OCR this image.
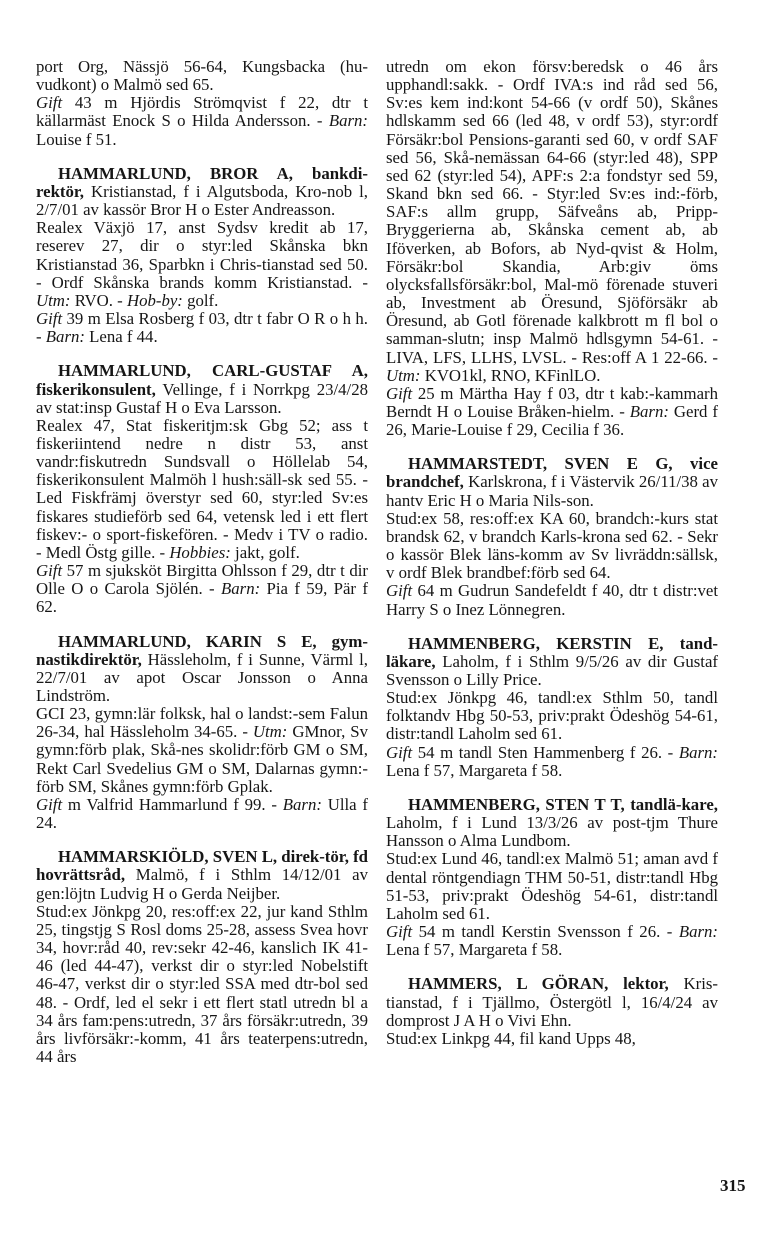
port Org, Nässjö 56-64, Kungsbacka (hu-vudkont) o Malmö sed 65.

Gift 43 m Hjördis Strömqvist f 22, dtr t källarmäst Enock S o Hilda Andersson. - Barn: Louise f 51.

HAMMARLUND, BROR A, bankdi-rektör, Kristianstad, f i Algutsboda, Kro-nob l, 2/7/01 av kassör Bror H o Ester Andreasson.

Realex Växjö 17, anst Sydsv kredit ab 17, reserev 27, dir o styr:led Skånska bkn Kristianstad 36, Sparbkn i Chris-tianstad sed 50. - Ordf Skånska brands komm Kristianstad. - Utm: RVO. - Hob-by: golf.

Gift 39 m Elsa Rosberg f 03, dtr t fabr O R o h h. - Barn: Lena f 44.

HAMMARLUND, CARL-GUSTAF A, fiskerikonsulent, Vellinge, f i Norrkpg 23/4/28 av stat:insp Gustaf H o Eva Larsson.

Realex 47, Stat fiskeritjm:sk Gbg 52; ass t fiskeriintend nedre n distr 53, anst vandr:fiskutredn Sundsvall o Höllelab 54, fiskerikonsulent Malmöh l hush:säll-sk sed 55. - Led Fiskfrämj överstyr sed 60, styr:led Sv:es fiskares studieförb sed 64, vetensk led i ett flert fiskev:- o sport-fiskefören. - Medv i TV o radio. - Medl Östg gille. - Hobbies: jakt, golf.

Gift 57 m sjuksköt Birgitta Ohlsson f 29, dtr t dir Olle O o Carola Sjölén. - Barn: Pia f 59, Pär f 62.

HAMMARLUND, KARIN S E, gym-nastikdirektör, Hässleholm, f i Sunne, Värml l, 22/7/01 av apot Oscar Jonsson o Anna Lindström.

GCI 23, gymn:lär folksk, hal o landst:-sem Falun 26-34, hal Hässleholm 34-65. - Utm: GMnor, Sv gymn:förb plak, Skå-nes skolidr:förb GM o SM, Rekt Carl Svedelius GM o SM, Dalarnas gymn:-förb SM, Skånes gymn:förb Gplak.

Gift m Valfrid Hammarlund f 99. - Barn: Ulla f 24.

HAMMARSKIÖLD, SVEN L, direk-tör, fd hovrättsråd, Malmö, f i Sthlm 14/12/01 av gen:löjtn Ludvig H o Gerda Neijber.

Stud:ex Jönkpg 20, res:off:ex 22, jur kand Sthlm 25, tingstjg S Rosl doms 25-28, assess Svea hovr 34, hovr:råd 40, rev:sekr 42-46, kanslich IK 41-46 (led 44-47), verkst dir o styr:led Nobelstift 46-47, verkst dir o styr:led SSA med dtr-bol sed 48. - Ordf, led el sekr i ett flert statl utredn bl a 34 års fam:pens:utredn, 37 års försäkr:utredn, 39 års livförsäkr:-komm, 41 års teaterpens:utredn, 44 års

utredn om ekon försv:beredsk o 46 års upphandl:sakk. - Ordf IVA:s ind råd sed 56, Sv:es kem ind:kont 54-66 (v ordf 50), Skånes hdlskamm sed 66 (led 48, v ordf 53), styr:ordf Försäkr:bol Pensions-garanti sed 60, v ordf SAF sed 56, Skå-nemässan 64-66 (styr:led 48), SPP sed 62 (styr:led 54), APF:s 2:a fondstyr sed 59, Skand bkn sed 66. - Styr:led Sv:es ind:-förb, SAF:s allm grupp, Säfveåns ab, Pripp-Bryggerierna ab, Skånska cement ab, ab Iföverken, ab Bofors, ab Nyd-qvist & Holm, Försäkr:bol Skandia, Arb:giv öms olycksfallsförsäkr:bol, Mal-mö förenade stuveri ab, Investment ab Öresund, Sjöförsäkr ab Öresund, ab Gotl förenade kalkbrott m fl bol o samman-slutn; insp Malmö hdlsgymn 54-61. - LIVA, LFS, LLHS, LVSL. - Res:off A 1 22-66. - Utm: KVO1kl, RNO, KFinlLO.

Gift 25 m Märtha Hay f 03, dtr t kab:-kammarh Berndt H o Louise Bråken-hielm. - Barn: Gerd f 26, Marie-Louise f 29, Cecilia f 36.

HAMMARSTEDT, SVEN E G, vice brandchef, Karlskrona, f i Västervik 26/11/38 av hantv Eric H o Maria Nils-son.

Stud:ex 58, res:off:ex KA 60, brandch:-kurs stat brandsk 62, v brandch Karls-krona sed 62. - Sekr o kassör Blek läns-komm av Sv livräddn:sällsk, v ordf Blek brandbef:förb sed 64.

Gift 64 m Gudrun Sandefeldt f 40, dtr t distr:vet Harry S o Inez Lönnegren.

HAMMENBERG, KERSTIN E, tand-läkare, Laholm, f i Sthlm 9/5/26 av dir Gustaf Svensson o Lilly Price.

Stud:ex Jönkpg 46, tandl:ex Sthlm 50, tandl folktandv Hbg 50-53, priv:prakt Ödeshög 54-61, distr:tandl Laholm sed 61.

Gift 54 m tandl Sten Hammenberg f 26. - Barn: Lena f 57, Margareta f 58.

HAMMENBERG, STEN T T, tandlä-kare, Laholm, f i Lund 13/3/26 av post-tjm Thure Hansson o Alma Lundbom.

Stud:ex Lund 46, tandl:ex Malmö 51; aman avd f dental röntgendiagn THM 50-51, distr:tandl Hbg 51-53, priv:prakt Ödeshög 54-61, distr:tandl Laholm sed 61.

Gift 54 m tandl Kerstin Svensson f 26. - Barn: Lena f 57, Margareta f 58.

HAMMERS, L GÖRAN, lektor, Kris-tianstad, f i Tjällmo, Östergötl l, 16/4/24 av domprost J A H o Vivi Ehn.

Stud:ex Linkpg 44, fil kand Upps 48,

315
